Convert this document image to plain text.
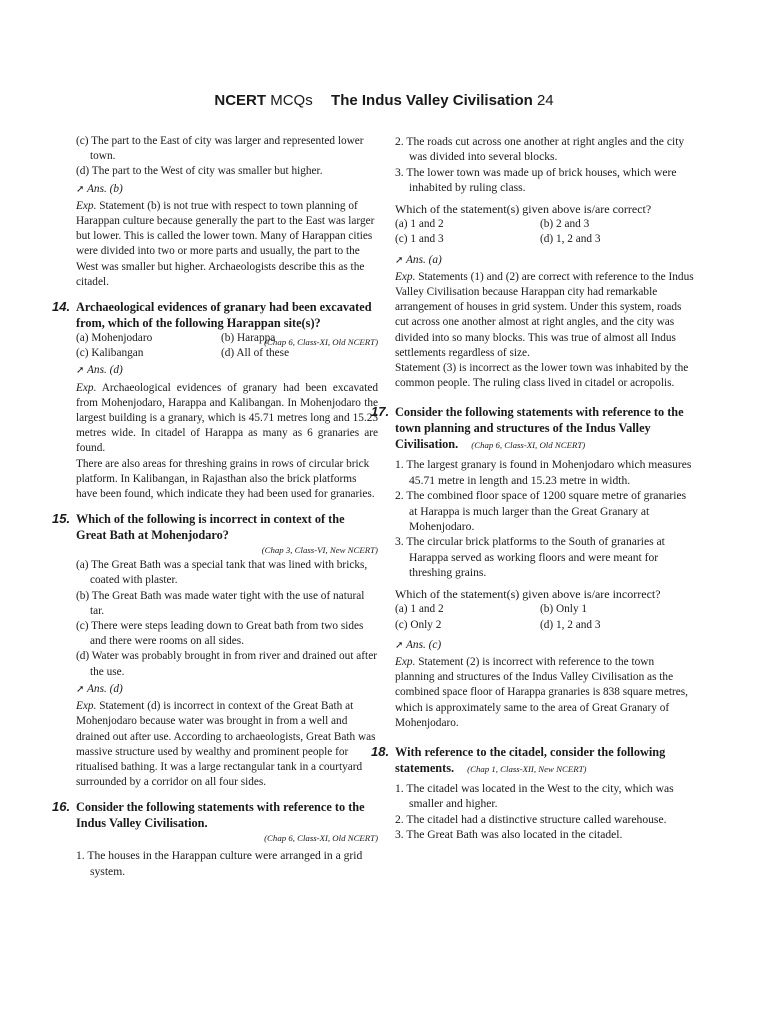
NCERT MCQs The Indus Valley Civilisation 24

(c) The part to the East of city was larger and represented lower town.

(d) The part to the West of city was smaller but higher.

➚ Ans. (b)

Exp. Statement (b) is not true with respect to town planning of Harappan culture because generally the part to the East was larger but lower. This is called the lower town. Many of Harappan cities were divided into two or more parts and usually, the part to the West was smaller but higher. Archaeologists describe this as the citadel.

14. Archaeological evidences of granary had been excavated from, which of the following Harappan site(s)?
(Chap 6, Class-XI, Old NCERT)
(a) Mohenjodaro	(b) Harappa
(c) Kalibangan	(d) All of these

➚ Ans. (d)

Exp. Archaeological evidences of granary had been excavated from Mohenjodaro, Harappa and Kalibangan. In Mohenjodaro the largest building is a granary, which is 45.71 metres long and 15.23 metres wide. In citadel of Harappa as many as 6 granaries are found.

There are also areas for threshing grains in rows of circular brick platform. In Kalibangan, in Rajasthan also the brick platforms have been found, which indicate they had been used for granaries.

15. Which of the following is incorrect in context of the Great Bath at Mohenjodaro?
(Chap 3, Class-VI, New NCERT)

(a) The Great Bath was a special tank that was lined with bricks, coated with plaster.

(b) The Great Bath was made water tight with the use of natural tar.

(c) There were steps leading down to Great bath from two sides and there were rooms on all sides.

(d) Water was probably brought in from river and drained out after the use.

➚ Ans. (d)

Exp. Statement (d) is incorrect in context of the Great Bath at Mohenjodaro because water was brought in from a well and drained out after use. According to archaeologists, Great Bath was massive structure used by wealthy and prominent people for ritualised bathing. It was a large rectangular tank in a courtyard surrounded by a corridor on all four sides.

16. Consider the following statements with reference to the Indus Valley Civilisation.
(Chap 6, Class-XI, Old NCERT)

1. The houses in the Harappan culture were arranged in a grid system.

2. The roads cut across one another at right angles and the city was divided into several blocks.

3. The lower town was made up of brick houses, which were inhabited by ruling class.

Which of the statement(s) given above is/are correct?

(a) 1 and 2	(b) 2 and 3
(c) 1 and 3	(d) 1, 2 and 3

➚ Ans. (a)

Exp. Statements (1) and (2) are correct with reference to the Indus Valley Civilisation because Harappan city had remarkable arrangement of houses in grid system. Under this system, roads cut across one another almost at right angles, and the city was divided into so many blocks. This was true of almost all Indus settlements regardless of size.

Statement (3) is incorrect as the lower town was inhabited by the common people. The ruling class lived in citadel or acropolis.

17. Consider the following statements with reference to the town planning and structures of the Indus Valley Civilisation. (Chap 6, Class-XI, Old NCERT)

1. The largest granary is found in Mohenjodaro which measures 45.71 metre in length and 15.23 metre in width.

2. The combined floor space of 1200 square metre of granaries at Harappa is much larger than the Great Granary at Mohenjodaro.

3. The circular brick platforms to the South of granaries at Harappa served as working floors and were meant for threshing grains.

Which of the statement(s) given above is/are incorrect?

(a) 1 and 2	(b) Only 1
(c) Only 2	(d) 1, 2 and 3

➚ Ans. (c)

Exp. Statement (2) is incorrect with reference to the town planning and structures of the Indus Valley Civilisation as the combined space floor of Harappa granaries is 838 square metres, which is approximately same to the area of Great Granary of Mohenjodaro.

18. With reference to the citadel, consider the following statements. (Chap 1, Class-XII, New NCERT)

1. The citadel was located in the West to the city, which was smaller and higher.

2. The citadel had a distinctive structure called warehouse.

3. The Great Bath was also located in the citadel.
